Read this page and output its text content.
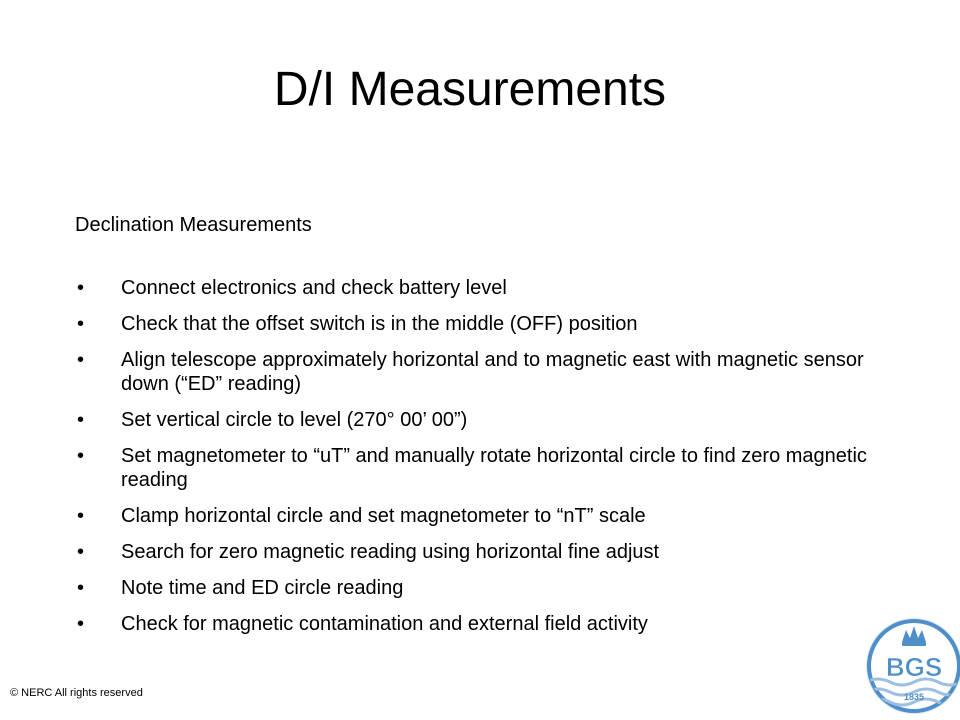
D/I Measurements
Declination Measurements
• Connect electronics and check battery level
• Check that the offset switch is in the middle (OFF) position
• Align telescope approximately horizontal and to magnetic east with magnetic sensor down (“ED” reading)
• Set vertical circle to level (270° 00’ 00”)
• Set magnetometer to “uT” and manually rotate horizontal circle to find zero magnetic reading
• Clamp horizontal circle and set magnetometer to “nT” scale
• Search for zero magnetic reading using horizontal fine adjust
• Note time and ED circle reading
• Check for magnetic contamination and external field activity
© NERC All rights reserved
BGS
1835
